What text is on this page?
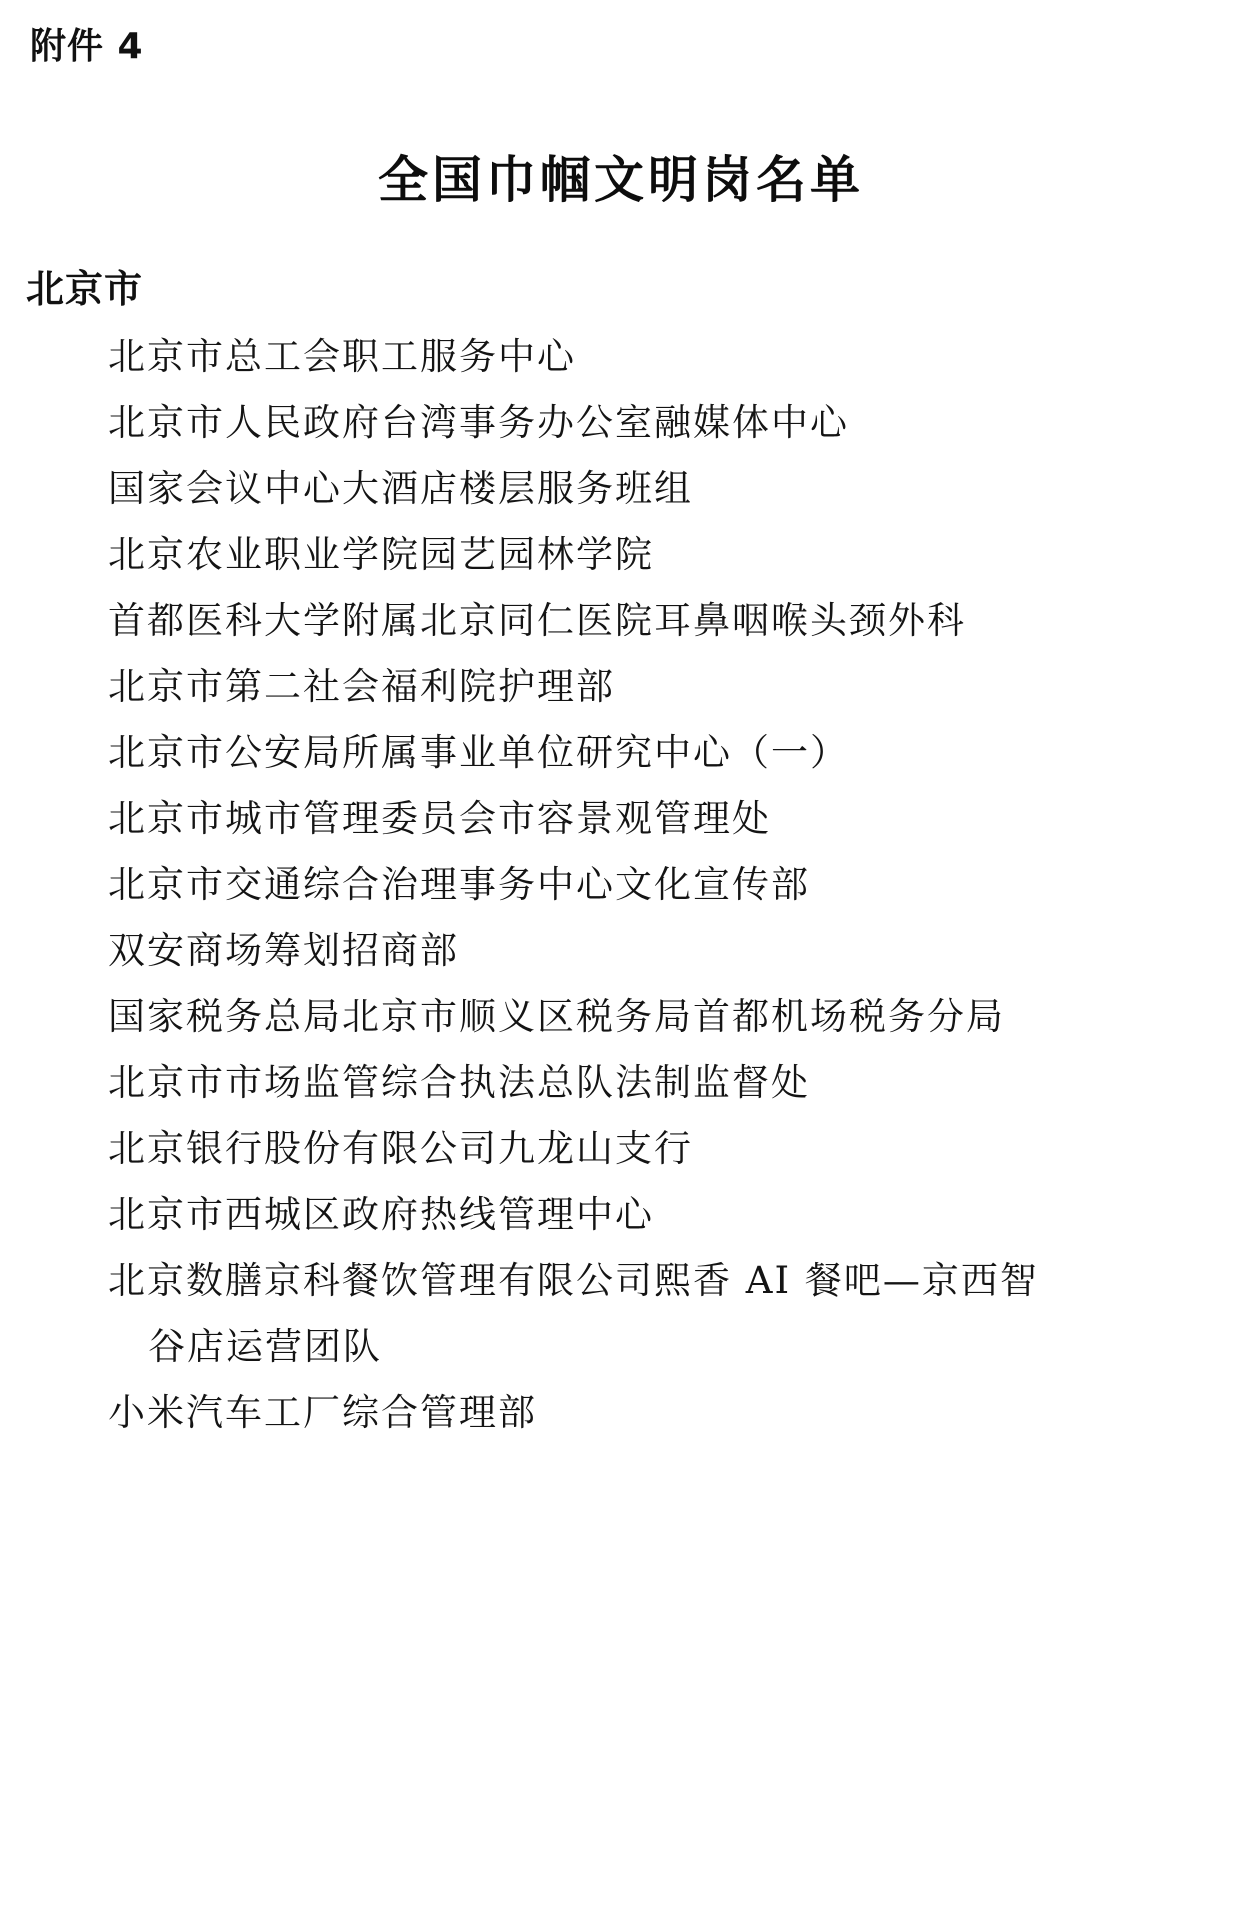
附件 4
全国巾帼文明岗名单
北京市
北京市总工会职工服务中心
北京市人民政府台湾事务办公室融媒体中心
国家会议中心大酒店楼层服务班组
北京农业职业学院园艺园林学院
首都医科大学附属北京同仁医院耳鼻咽喉头颈外科
北京市第二社会福利院护理部
北京市公安局所属事业单位研究中心（一）
北京市城市管理委员会市容景观管理处
北京市交通综合治理事务中心文化宣传部
双安商场筹划招商部
国家税务总局北京市顺义区税务局首都机场税务分局
北京市市场监管综合执法总队法制监督处
北京银行股份有限公司九龙山支行
北京市西城区政府热线管理中心
北京数膳京科餐饮管理有限公司熙香 AI 餐吧—京西智
谷店运营团队
小米汽车工厂综合管理部
